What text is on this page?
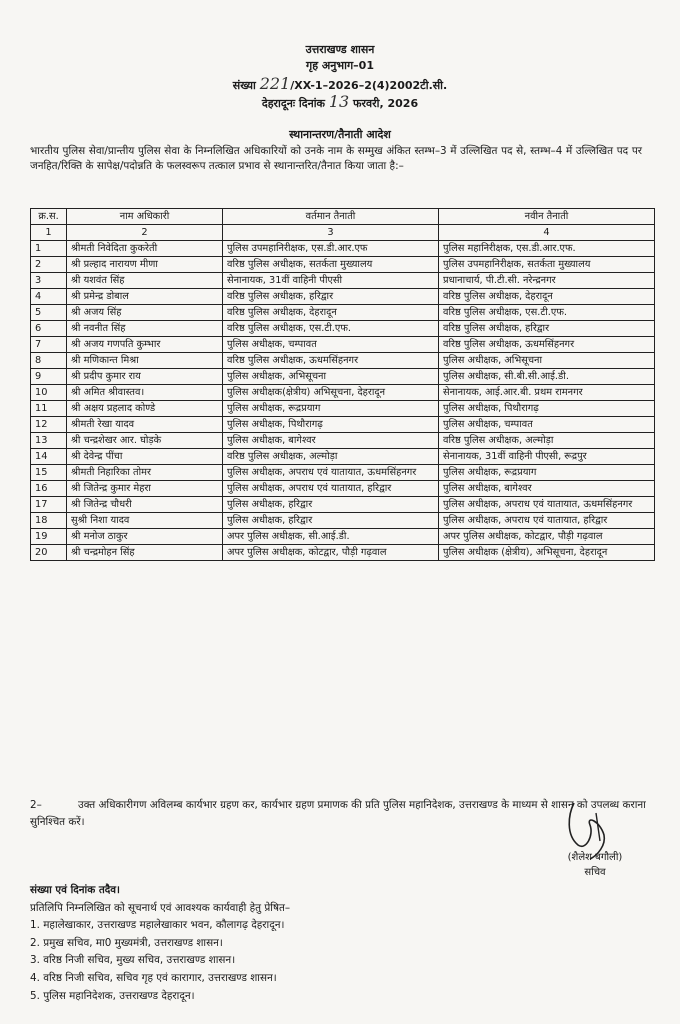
उत्तराखण्ड शासन
गृह अनुभाग–01
संख्या 221/XX-1–2026–2(4)2002टी.सी.
देहरादूनः दिनांक 13 फरवरी, 2026
स्थानान्तरण/तैनाती आदेश
भारतीय पुलिस सेवा/प्रान्तीय पुलिस सेवा के निम्नलिखित अधिकारियों को उनके नाम के सम्मुख अंकित स्तम्भ–3 में उल्लिखित पद से, स्तम्भ–4 में उल्लिखित पद पर जनहित/रिक्ति के सापेक्ष/पदोन्नति के फलस्वरूप तत्काल प्रभाव से स्थानान्तरित/तैनात किया जाता है:–
क्र.स.	नाम अधिकारी	वर्तमान तैनाती	नवीन तैनाती
1	2	3	4
1	श्रीमती निवेदिता कुकरेती	पुलिस उपमहानिरीक्षक, एस.डी.आर.एफ	पुलिस महानिरीक्षक, एस.डी.आर.एफ.
2	श्री प्रल्हाद नारायण मीणा	वरिष्ठ पुलिस अधीक्षक, सतर्कता मुख्यालय	पुलिस उपमहानिरीक्षक, सतर्कता मुख्यालय
3	श्री यशवंत सिंह	सेनानायक, 31वीं वाहिनी पीएसी	प्रधानाचार्य, पी.टी.सी. नरेन्द्रनगर
4	श्री प्रमेन्द्र डोबाल	वरिष्ठ पुलिस अधीक्षक, हरिद्वार	वरिष्ठ पुलिस अधीक्षक, देहरादून
5	श्री अजय सिंह	वरिष्ठ पुलिस अधीक्षक, देहरादून	वरिष्ठ पुलिस अधीक्षक, एस.टी.एफ.
6	श्री नवनीत सिंह	वरिष्ठ पुलिस अधीक्षक, एस.टी.एफ.	वरिष्ठ पुलिस अधीक्षक, हरिद्वार
7	श्री अजय गणपति कुम्भार	पुलिस अधीक्षक, चम्पावत	वरिष्ठ पुलिस अधीक्षक, ऊधमसिंहनगर
8	श्री मणिकान्त मिश्रा	वरिष्ठ पुलिस अधीक्षक, ऊधमसिंहनगर	पुलिस अधीक्षक, अभिसूचना
9	श्री प्रदीप कुमार राय	पुलिस अधीक्षक, अभिसूचना	पुलिस अधीक्षक, सी.बी.सी.आई.डी.
10	श्री अमित श्रीवास्तव।	पुलिस अधीक्षक(क्षेत्रीय) अभिसूचना, देहरादून	सेनानायक, आई.आर.बी. प्रथम रामनगर
11	श्री अक्षय प्रहलाद कोण्डे	पुलिस अधीक्षक, रूद्रप्रयाग	पुलिस अधीक्षक, पिथौरागढ़
12	श्रीमती रेखा यादव	पुलिस अधीक्षक, पिथौरागढ़	पुलिस अधीक्षक, चम्पावत
13	श्री चन्द्रशेखर आर. घोड़के	पुलिस अधीक्षक, बागेश्वर	वरिष्ठ पुलिस अधीक्षक, अल्मोड़ा
14	श्री देवेन्द्र पींचा	वरिष्ठ पुलिस अधीक्षक, अल्मोड़ा	सेनानायक, 31वीं वाहिनी पीएसी, रूद्रपुर
15	श्रीमती निहारिका तोमर	पुलिस अधीक्षक, अपराध एवं यातायात, ऊधमसिंहनगर	पुलिस अधीक्षक, रूद्रप्रयाग
16	श्री जितेन्द्र कुमार मेहरा	पुलिस अधीक्षक, अपराध एवं यातायात, हरिद्वार	पुलिस अधीक्षक, बागेश्वर
17	श्री जितेन्द्र चौधरी	पुलिस अधीक्षक, हरिद्वार	पुलिस अधीक्षक, अपराध एवं यातायात, ऊधमसिंहनगर
18	सुश्री निशा यादव	पुलिस अधीक्षक, हरिद्वार	पुलिस अधीक्षक, अपराध एवं यातायात, हरिद्वार
19	श्री मनोज ठाकुर	अपर पुलिस अधीक्षक, सी.आई.डी.	अपर पुलिस अधीक्षक, कोटद्वार, पौड़ी गढ़वाल
20	श्री चन्द्रमोहन सिंह	अपर पुलिस अधीक्षक, कोटद्वार, पौड़ी गढ़वाल	पुलिस अधीक्षक (क्षेत्रीय), अभिसूचना, देहरादून
2–	उक्त अधिकारीगण अविलम्ब कार्यभार ग्रहण कर, कार्यभार ग्रहण प्रमाणक की प्रति पुलिस महानिदेशक, उत्तराखण्ड के माध्यम से शासन को उपलब्ध कराना सुनिश्चित करें।
(शैलेश बगौली)
सचिव
संख्या एवं दिनांक तदैव।
प्रतिलिपि निम्नलिखित को सूचनार्थ एवं आवश्यक कार्यवाही हेतु प्रेषित–
1. महालेखाकार, उत्तराखण्ड महालेखाकार भवन, कौलागढ़ देहरादून।
2. प्रमुख सचिव, मा0 मुख्यमंत्री, उत्तराखण्ड शासन।
3. वरिष्ठ निजी सचिव, मुख्य सचिव, उत्तराखण्ड शासन।
4. वरिष्ठ निजी सचिव, सचिव गृह एवं कारागार, उत्तराखण्ड शासन।
5. पुलिस महानिदेशक, उत्तराखण्ड देहरादून।
